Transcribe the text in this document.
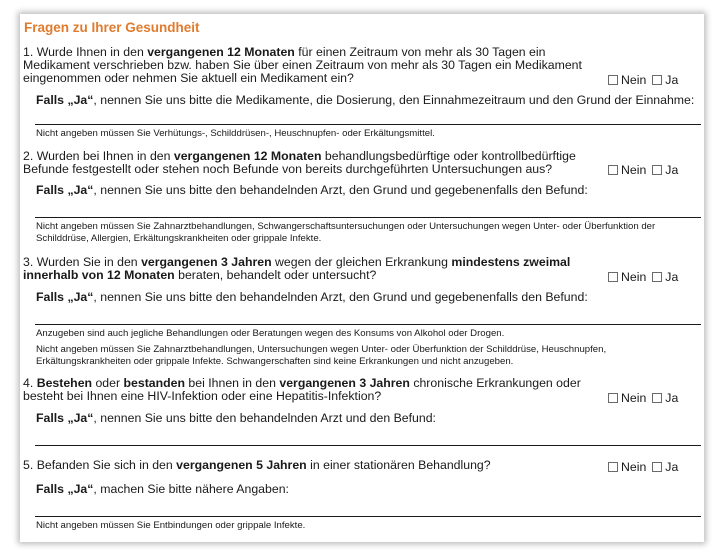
Fragen zu Ihrer Gesundheit
1. Wurde Ihnen in den vergangenen 12 Monaten für einen Zeitraum von mehr als 30 Tagen ein Medikament verschrieben bzw. haben Sie über einen Zeitraum von mehr als 30 Tagen ein Medikament eingenommen oder nehmen Sie aktuell ein Medikament ein?	Nein Ja
Falls „Ja“, nennen Sie uns bitte die Medikamente, die Dosierung, den Einnahmezeitraum und den Grund der Einnahme:
Nicht angeben müssen Sie Verhütungs-, Schilddrüsen-, Heuschnupfen- oder Erkältungsmittel.
2. Wurden bei Ihnen in den vergangenen 12 Monaten behandlungsbedürftige oder kontrollbedürftige Befunde festgestellt oder stehen noch Befunde von bereits durchgeführten Untersuchungen aus?	Nein Ja
Falls „Ja“, nennen Sie uns bitte den behandelnden Arzt, den Grund und gegebenenfalls den Befund:
Nicht angeben müssen Sie Zahnarztbehandlungen, Schwangerschaftsuntersuchungen oder Untersuchungen wegen Unter- oder Überfunktion der Schilddrüse, Allergien, Erkältungskrankheiten oder grippale Infekte.
3. Wurden Sie in den vergangenen 3 Jahren wegen der gleichen Erkrankung mindestens zweimal innerhalb von 12 Monaten beraten, behandelt oder untersucht?	Nein Ja
Falls „Ja“, nennen Sie uns bitte den behandelnden Arzt, den Grund und gegebenenfalls den Befund:
Anzugeben sind auch jegliche Behandlungen oder Beratungen wegen des Konsums von Alkohol oder Drogen.
Nicht angeben müssen Sie Zahnarztbehandlungen, Untersuchungen wegen Unter- oder Überfunktion der Schilddrüse, Heuschnupfen, Erkältungskrankheiten oder grippale Infekte. Schwangerschaften sind keine Erkrankungen und nicht anzugeben.
4. Bestehen oder bestanden bei Ihnen in den vergangenen 3 Jahren chronische Erkrankungen oder besteht bei Ihnen eine HIV-Infektion oder eine Hepatitis-Infektion?	Nein Ja
Falls „Ja“, nennen Sie uns bitte den behandelnden Arzt und den Befund:
5. Befanden Sie sich in den vergangenen 5 Jahren in einer stationären Behandlung?	Nein Ja
Falls „Ja“, machen Sie bitte nähere Angaben:
Nicht angeben müssen Sie Entbindungen oder grippale Infekte.
